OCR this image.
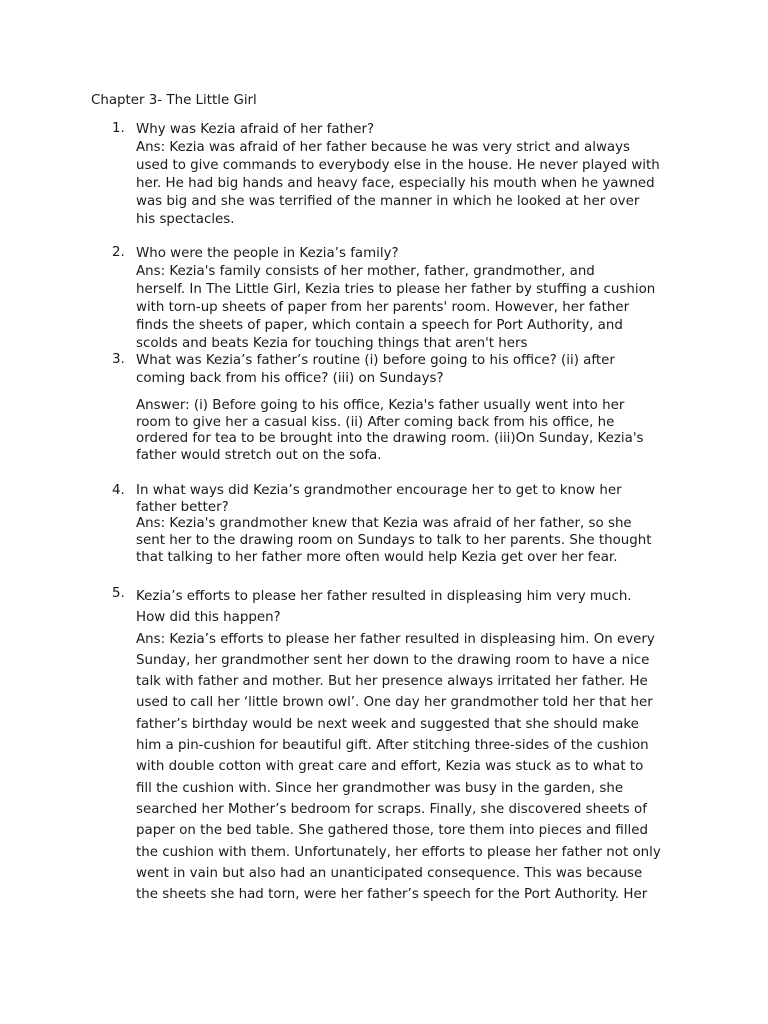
Chapter 3- The Little Girl
1. Why was Kezia afraid of her father?
Ans: Kezia was afraid of her father because he was very strict and always
used to give commands to everybody else in the house. He never played with
her. He had big hands and heavy face, especially his mouth when he yawned
was big and she was terrified of the manner in which he looked at her over
his spectacles.
2. Who were the people in Kezia’s family?
Ans: Kezia's family consists of her mother, father, grandmother, and
herself. In The Little Girl, Kezia tries to please her father by stuffing a cushion
with torn-up sheets of paper from her parents' room. However, her father
finds the sheets of paper, which contain a speech for Port Authority, and
scolds and beats Kezia for touching things that aren't hers
3. What was Kezia’s father’s routine (i) before going to his office? (ii) after
coming back from his office? (iii) on Sundays?
Answer: (i) Before going to his office, Kezia's father usually went into her
room to give her a casual kiss. (ii) After coming back from his office, he
ordered for tea to be brought into the drawing room. (iii)On Sunday, Kezia's
father would stretch out on the sofa.
4. In what ways did Kezia’s grandmother encourage her to get to know her
father better?
Ans: Kezia's grandmother knew that Kezia was afraid of her father, so she
sent her to the drawing room on Sundays to talk to her parents. She thought
that talking to her father more often would help Kezia get over her fear.
5. Kezia’s efforts to please her father resulted in displeasing him very much.
How did this happen?
Ans: Kezia’s efforts to please her father resulted in displeasing him. On every
Sunday, her grandmother sent her down to the drawing room to have a nice
talk with father and mother. But her presence always irritated her father. He
used to call her ‘little brown owl’. One day her grandmother told her that her
father’s birthday would be next week and suggested that she should make
him a pin-cushion for beautiful gift. After stitching three-sides of the cushion
with double cotton with great care and effort, Kezia was stuck as to what to
fill the cushion with. Since her grandmother was busy in the garden, she
searched her Mother’s bedroom for scraps. Finally, she discovered sheets of
paper on the bed table. She gathered those, tore them into pieces and filled
the cushion with them. Unfortunately, her efforts to please her father not only
went in vain but also had an unanticipated consequence. This was because
the sheets she had torn, were her father’s speech for the Port Authority. Her
